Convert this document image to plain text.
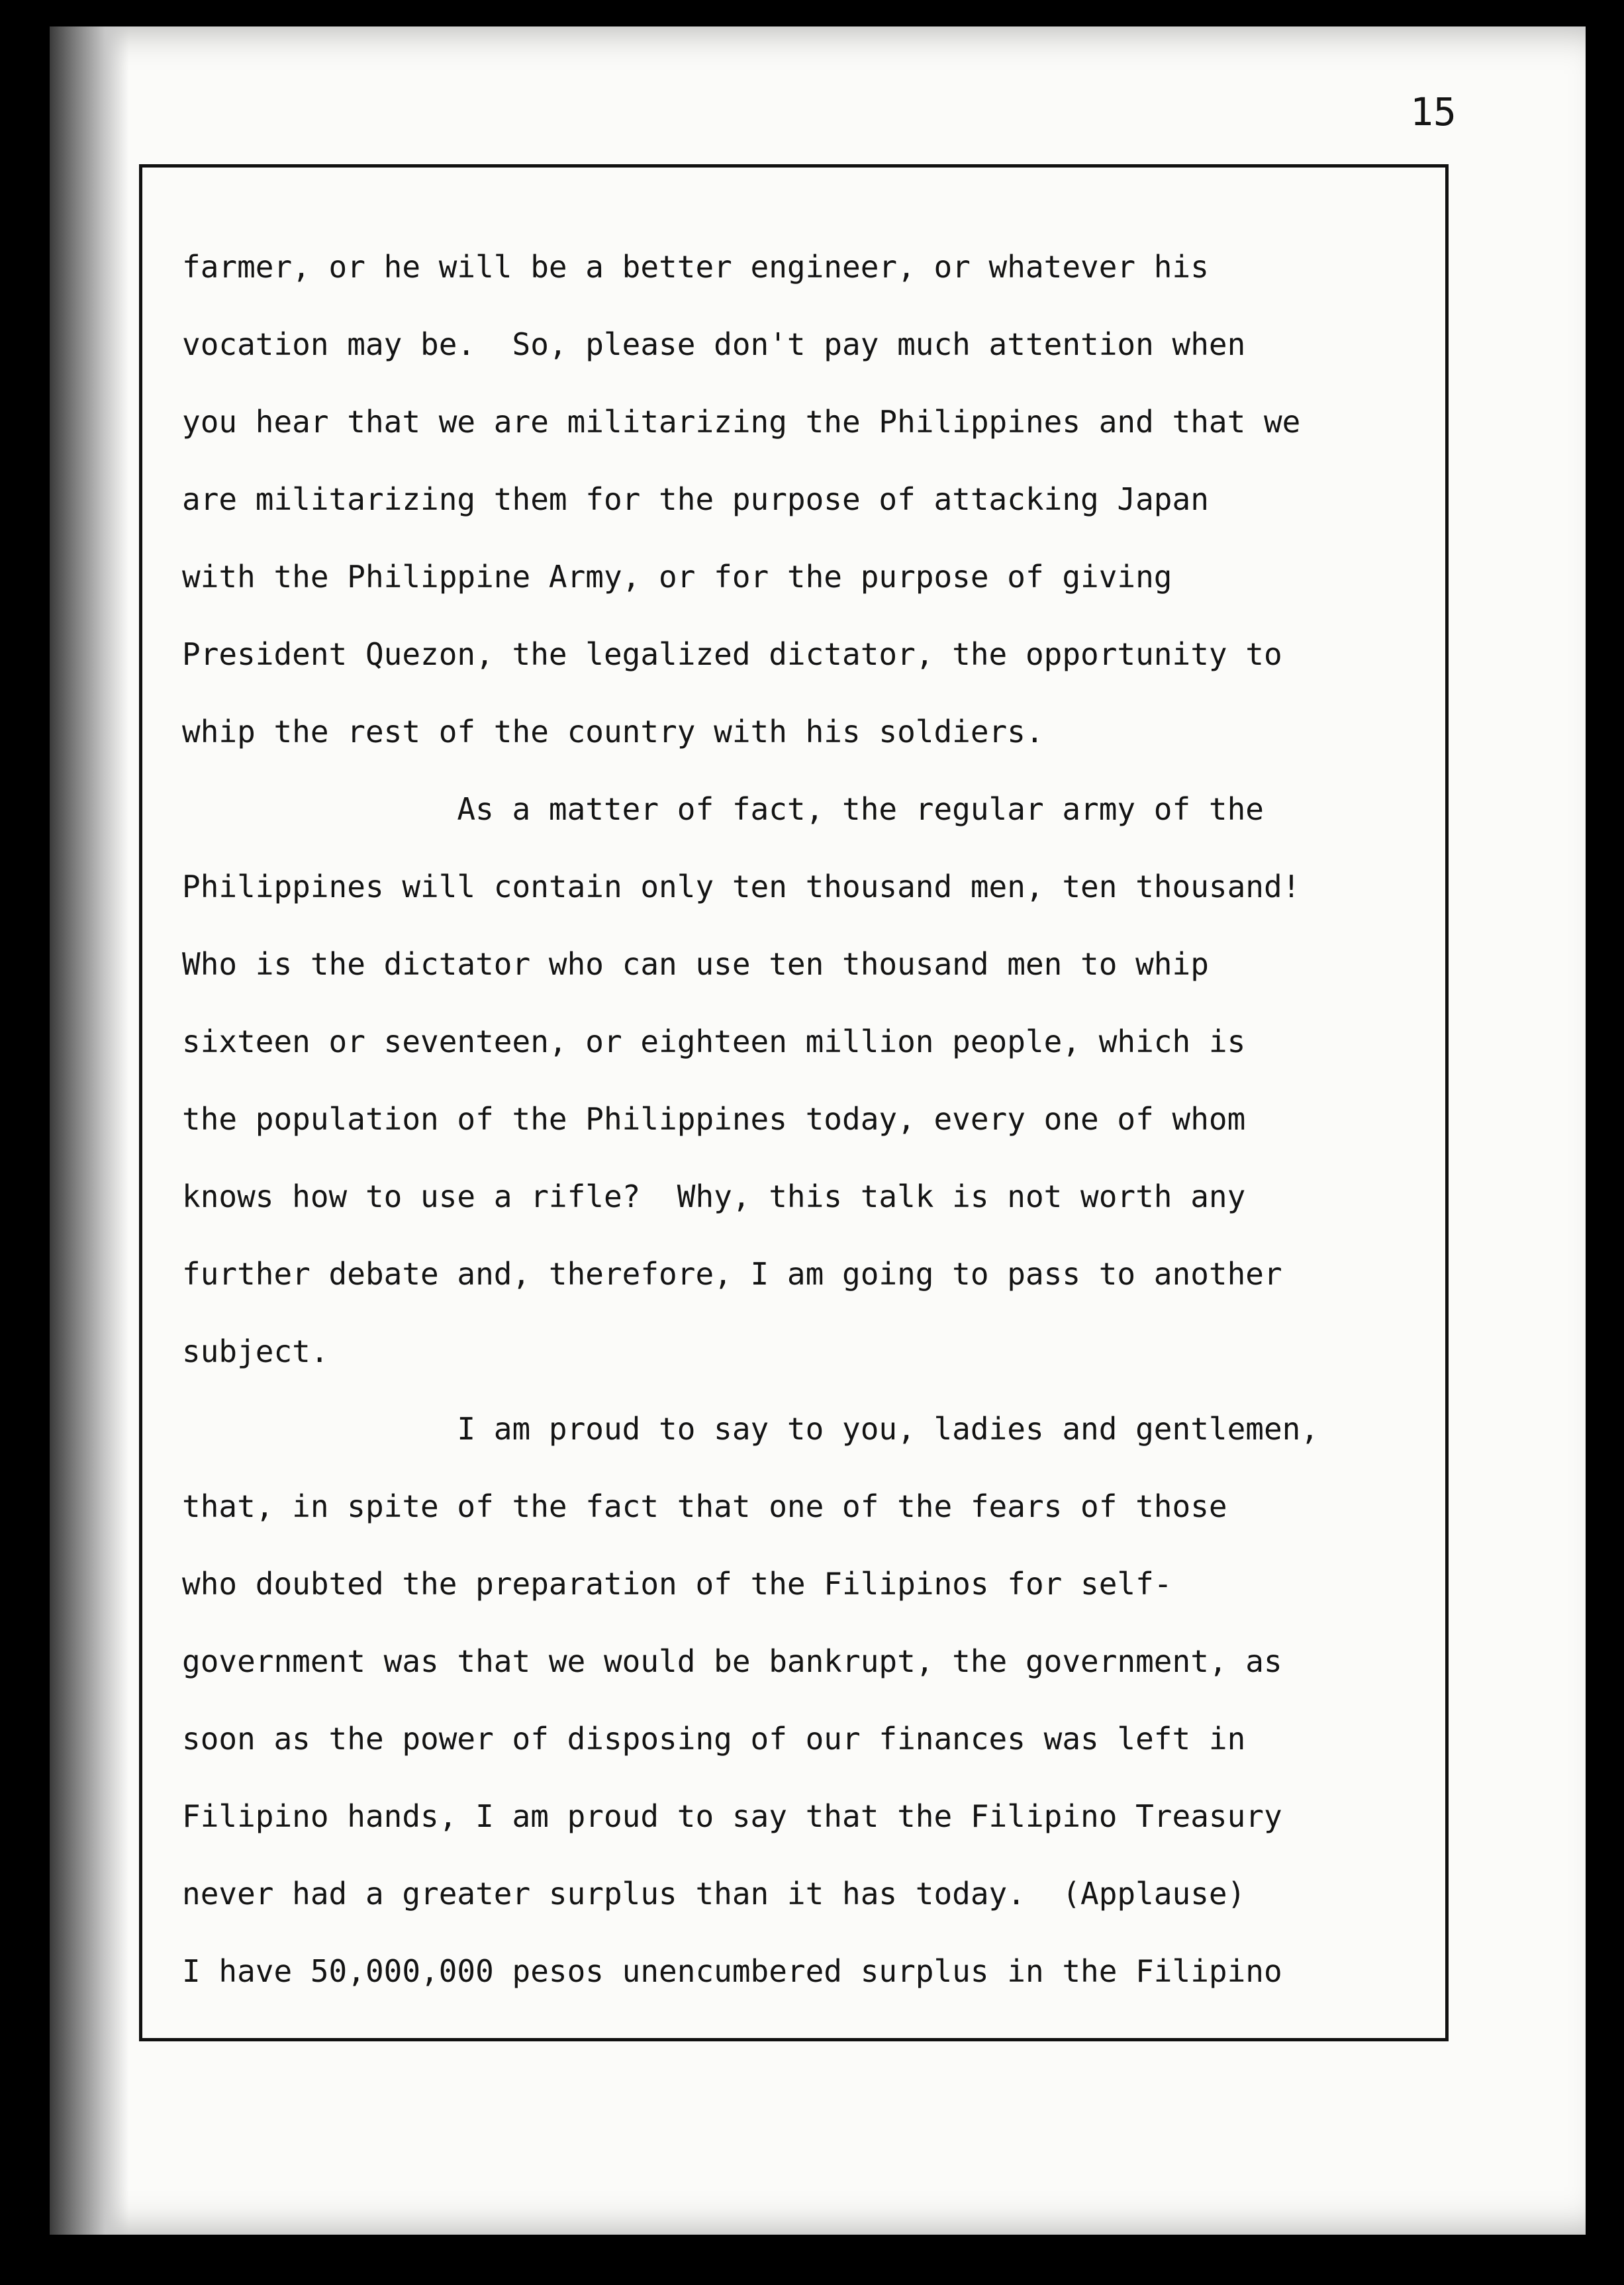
15
farmer, or he will be a better engineer, or whatever his
vocation may be.  So, please don't pay much attention when
you hear that we are militarizing the Philippines and that we
are militarizing them for the purpose of attacking Japan
with the Philippine Army, or for the purpose of giving
President Quezon, the legalized dictator, the opportunity to
whip the rest of the country with his soldiers.
As a matter of fact, the regular army of the
Philippines will contain only ten thousand men, ten thousand!
Who is the dictator who can use ten thousand men to whip
sixteen or seventeen, or eighteen million people, which is
the population of the Philippines today, every one of whom
knows how to use a rifle?  Why, this talk is not worth any
further debate and, therefore, I am going to pass to another
subject.
I am proud to say to you, ladies and gentlemen,
that, in spite of the fact that one of the fears of those
who doubted the preparation of the Filipinos for self-
government was that we would be bankrupt, the government, as
soon as the power of disposing of our finances was left in
Filipino hands, I am proud to say that the Filipino Treasury
never had a greater surplus than it has today.  (Applause)
I have 50,000,000 pesos unencumbered surplus in the Filipino
